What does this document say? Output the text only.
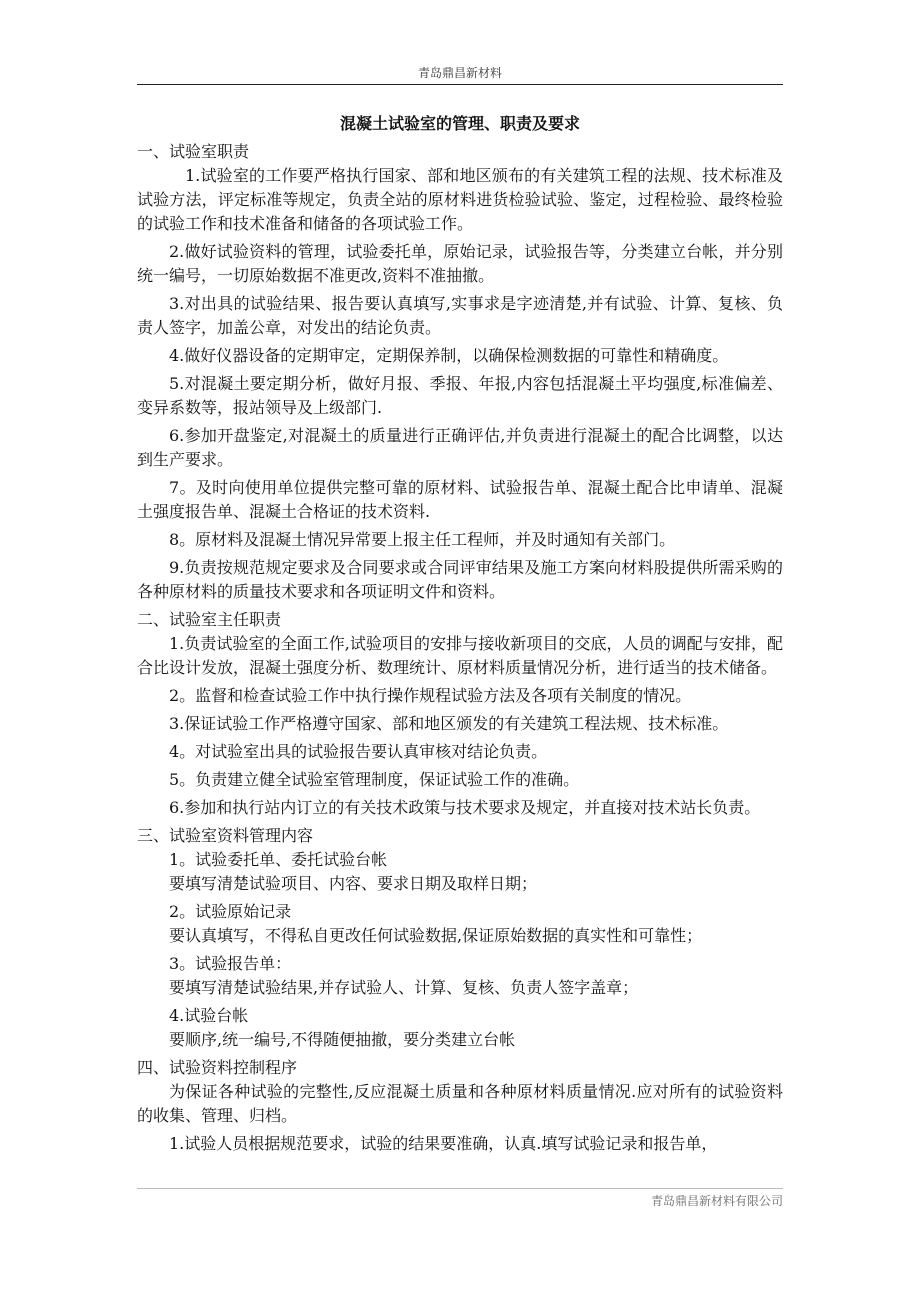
青岛鼎昌新材料
混凝土试验室的管理、职责及要求
一、试验室职责

1.试验室的工作要严格执行国家、部和地区颁布的有关建筑工程的法规、技术标准及试验方法，评定标准等规定，负责全站的原材料进货检验试验、鉴定，过程检验、最终检验的试验工作和技术准备和储备的各项试验工作。

2.做好试验资料的管理，试验委托单，原始记录，试验报告等，分类建立台帐，并分别统一编号，一切原始数据不准更改,资料不准抽撤。

3.对出具的试验结果、报告要认真填写,实事求是字迹清楚,并有试验、计算、复核、负责人签字，加盖公章，对发出的结论负责。

4.做好仪器设备的定期审定，定期保养制，以确保检测数据的可靠性和精确度。

5.对混凝土要定期分析，做好月报、季报、年报,内容包括混凝土平均强度,标准偏差、变异系数等，报站领导及上级部门.

6.参加开盘鉴定,对混凝土的质量进行正确评估,并负责进行混凝土的配合比调整，以达到生产要求。

7。及时向使用单位提供完整可靠的原材料、试验报告单、混凝土配合比申请单、混凝土强度报告单、混凝土合格证的技术资料.

8。原材料及混凝土情况异常要上报主任工程师，并及时通知有关部门。

9.负责按规范规定要求及合同要求或合同评审结果及施工方案向材料股提供所需采购的各种原材料的质量技术要求和各项证明文件和资料。

二、试验室主任职责

1.负责试验室的全面工作,试验项目的安排与接收新项目的交底，人员的调配与安排，配合比设计发放，混凝土强度分析、数理统计、原材料质量情况分析，进行适当的技术储备。

2。监督和检查试验工作中执行操作规程试验方法及各项有关制度的情况。

3.保证试验工作严格遵守国家、部和地区颁发的有关建筑工程法规、技术标准。

4。对试验室出具的试验报告要认真审核对结论负责。

5。负责建立健全试验室管理制度，保证试验工作的准确。

6.参加和执行站内订立的有关技术政策与技术要求及规定，并直接对技术站长负责。

三、试验室资料管理内容
1。试验委托单、委托试验台帐
要填写清楚试验项目、内容、要求日期及取样日期；
2。试验原始记录
要认真填写，不得私自更改任何试验数据,保证原始数据的真实性和可靠性；
3。试验报告单：
要填写清楚试验结果,并存试验人、计算、复核、负责人签字盖章；
4.试验台帐
要顺序,统一编号,不得随便抽撤，要分类建立台帐
四、试验资料控制程序

为保证各种试验的完整性,反应混凝土质量和各种原材料质量情况.应对所有的试验资料的收集、管理、归档。

1.试验人员根据规范要求，试验的结果要准确，认真.填写试验记录和报告单，

青岛鼎昌新材料有限公司
